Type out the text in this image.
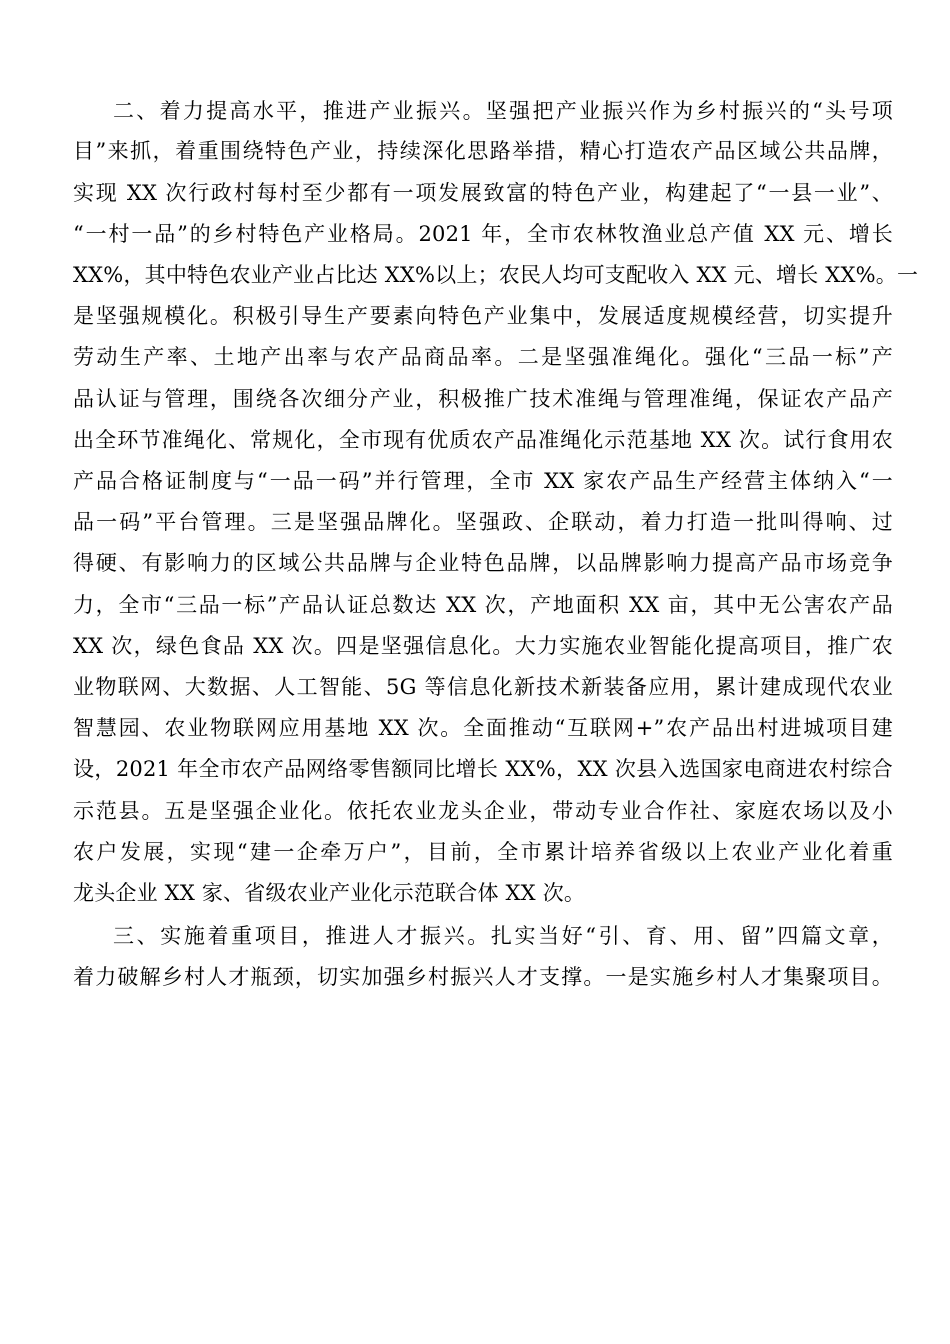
二、着力提高水平，推进产业振兴。坚强把产业振兴作为乡村振兴的“头号项
目”来抓，着重围绕特色产业，持续深化思路举措，精心打造农产品区域公共品牌，
实现 XX 次行政村每村至少都有一项发展致富的特色产业，构建起了“一县一业”、
“一村一品”的乡村特色产业格局。2021 年，全市农林牧渔业总产值 XX 元、增长
XX%，其中特色农业产业占比达 XX%以上；农民人均可支配收入 XX 元、增长 XX%。一
是坚强规模化。积极引导生产要素向特色产业集中，发展适度规模经营，切实提升
劳动生产率、土地产出率与农产品商品率。二是坚强准绳化。强化“三品一标”产
品认证与管理，围绕各次细分产业，积极推广技术准绳与管理准绳，保证农产品产
出全环节准绳化、常规化，全市现有优质农产品准绳化示范基地 XX 次。试行食用农
产品合格证制度与“一品一码”并行管理，全市 XX 家农产品生产经营主体纳入“一
品一码”平台管理。三是坚强品牌化。坚强政、企联动，着力打造一批叫得响、过
得硬、有影响力的区域公共品牌与企业特色品牌，以品牌影响力提高产品市场竞争
力，全市“三品一标”产品认证总数达 XX 次，产地面积 XX 亩，其中无公害农产品
XX 次，绿色食品 XX 次。四是坚强信息化。大力实施农业智能化提高项目，推广农
业物联网、大数据、人工智能、5G 等信息化新技术新装备应用，累计建成现代农业
智慧园、农业物联网应用基地 XX 次。全面推动“互联网+”农产品出村进城项目建
设，2021 年全市农产品网络零售额同比增长 XX%，XX 次县入选国家电商进农村综合
示范县。五是坚强企业化。依托农业龙头企业，带动专业合作社、家庭农场以及小
农户发展，实现“建一企牵万户”，目前，全市累计培养省级以上农业产业化着重
龙头企业 XX 家、省级农业产业化示范联合体 XX 次。
三、实施着重项目，推进人才振兴。扎实当好“引、育、用、留”四篇文章，
着力破解乡村人才瓶颈，切实加强乡村振兴人才支撑。一是实施乡村人才集聚项目。
